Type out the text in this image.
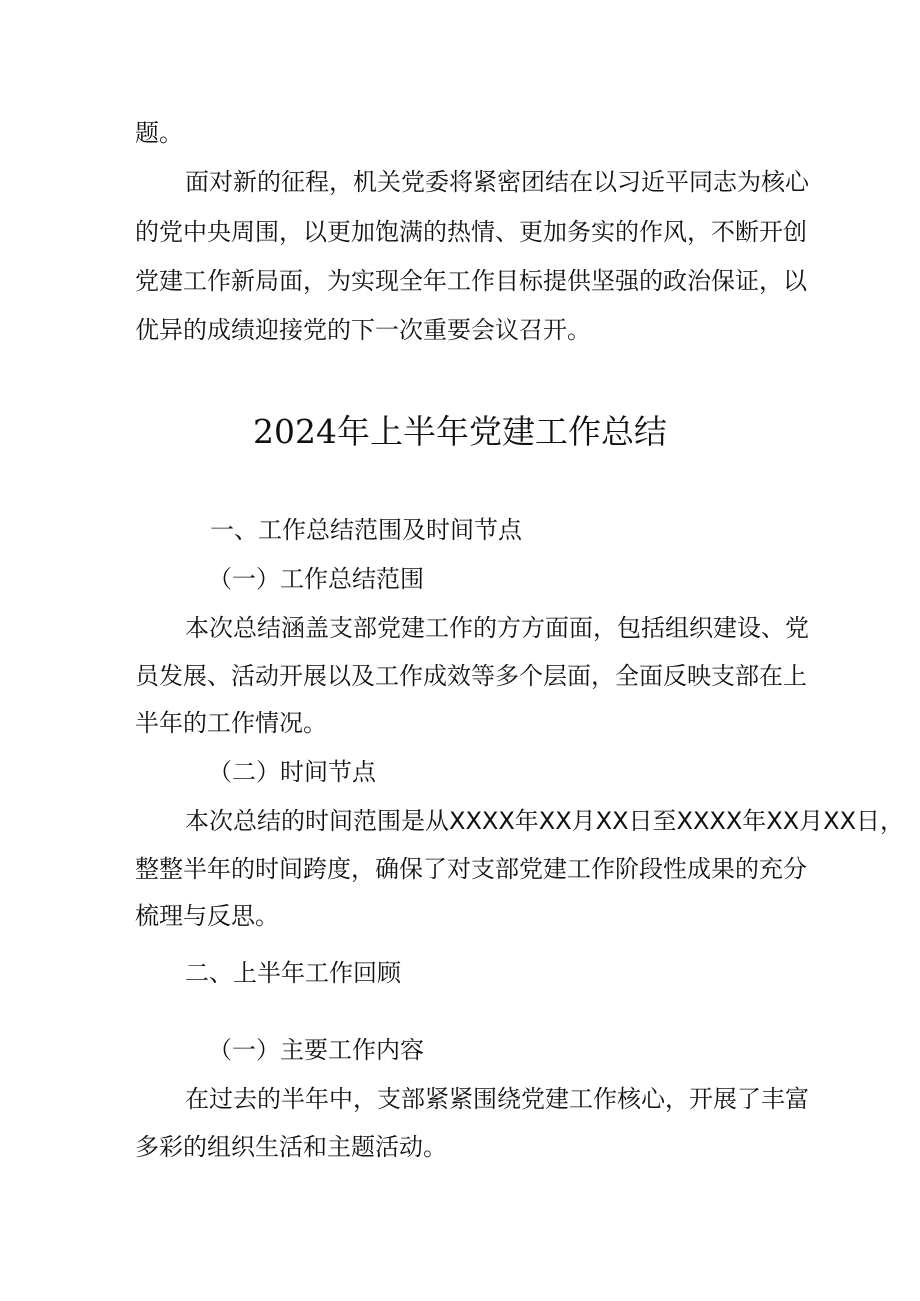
题。
面对新的征程，机关党委将紧密团结在以习近平同志为核心
的党中央周围，以更加饱满的热情、更加务实的作风，不断开创
党建工作新局面，为实现全年工作目标提供坚强的政治保证，以
优异的成绩迎接党的下一次重要会议召开。
2024年上半年党建工作总结
一、工作总结范围及时间节点
（一）工作总结范围
本次总结涵盖支部党建工作的方方面面，包括组织建设、党
员发展、活动开展以及工作成效等多个层面，全面反映支部在上
半年的工作情况。
（二）时间节点
本次总结的时间范围是从XXXX年XX月XX日至XXXX年XX月XX日，
整整半年的时间跨度，确保了对支部党建工作阶段性成果的充分
梳理与反思。
二、上半年工作回顾
（一）主要工作内容
在过去的半年中，支部紧紧围绕党建工作核心，开展了丰富
多彩的组织生活和主题活动。
